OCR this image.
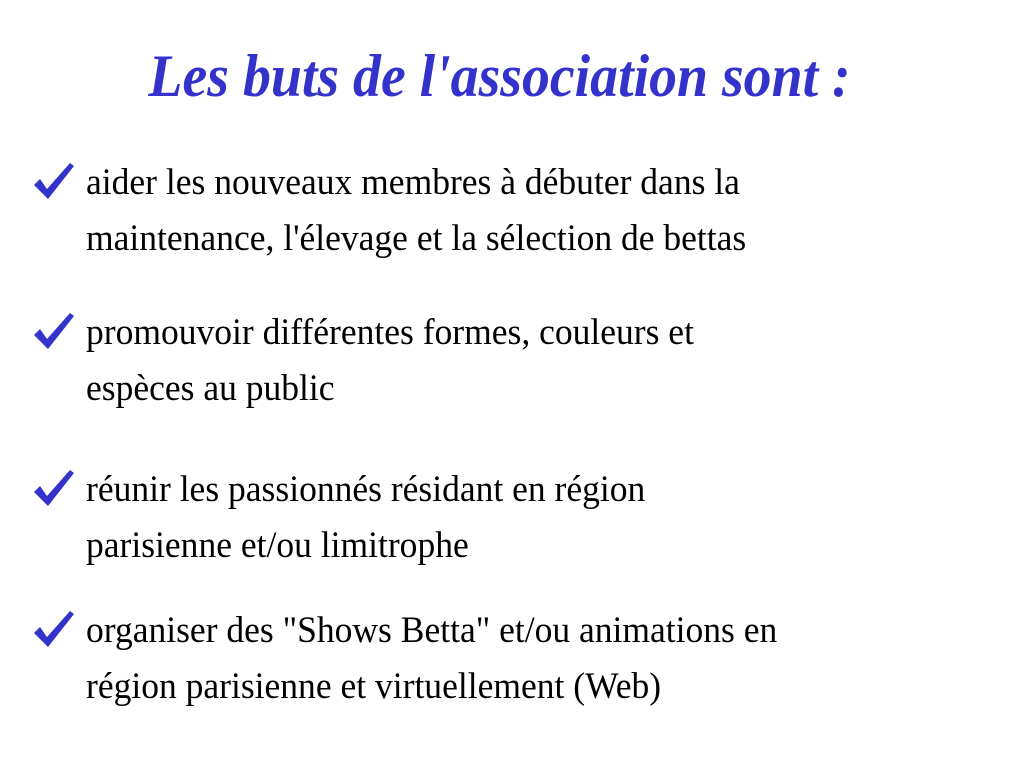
Les buts de l'association sont :
aider les nouveaux membres à débuter dans la
maintenance, l'élevage et la sélection de bettas
promouvoir différentes formes, couleurs et
espèces au public
réunir les passionnés résidant en région
parisienne et/ou limitrophe
organiser des "Shows Betta" et/ou animations en
région parisienne et virtuellement (Web)
